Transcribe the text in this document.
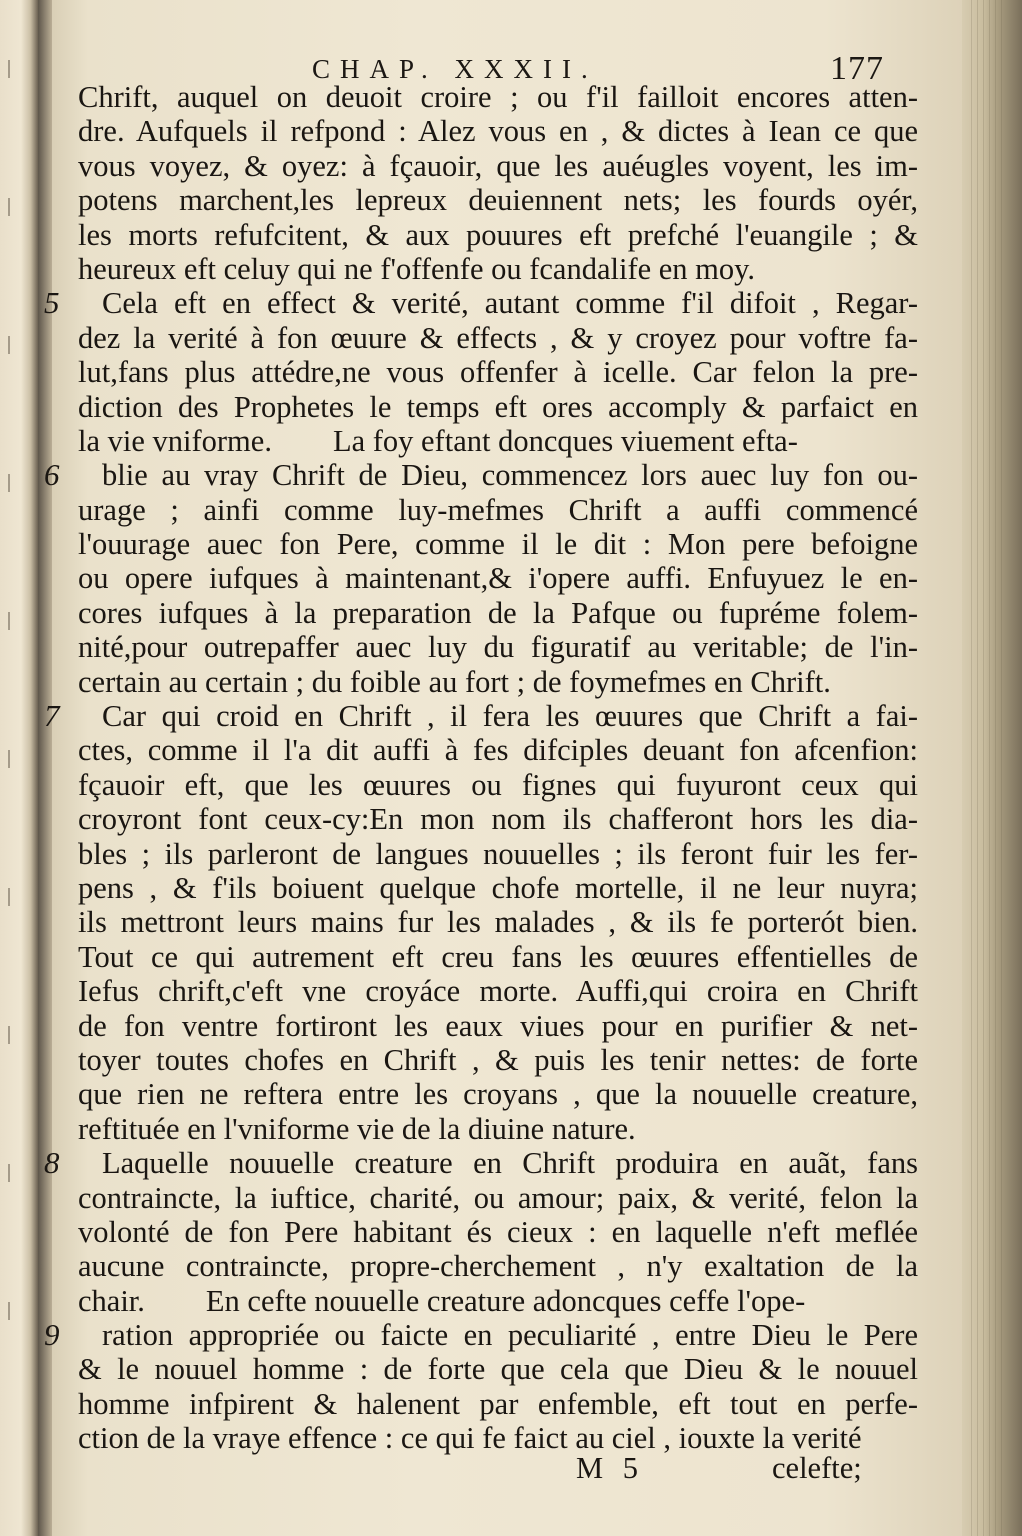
CHAP. XXXII.	177
Chrift, auquel on deuoit croire ; ou f'il failloit encores atten-
dre. Aufquels il refpond : Alez vous en , & dictes à Iean ce que
vous voyez, & oyez: à fçauoir, que les auéugles voyent, les im-
potens marchent,les lepreux deuiennent nets; les fourds oyér,
les morts refufcitent, & aux pouures eft prefché l'euangile ; &
heureux eft celuy qui ne f'offenfe ou fcandalife en moy.
5 Cela eft en effect & verité, autant comme f'il difoit , Regar-
dez la verité à fon œuure & effects , & y croyez pour voftre fa-
lut,fans plus attédre,ne vous offenfer à icelle. Car felon la pre-
diction des Prophetes le temps eft ores accomply & parfaict en
la vie vniforme.        La foy eftant doncques viuement efta-
6 blie au vray Chrift de Dieu, commencez lors auec luy fon ou-
urage ; ainfi comme luy-mefmes Chrift a auffi commencé
l'ouurage auec fon Pere, comme il le dit : Mon pere befoigne
ou opere iufques à maintenant,& i'opere auffi. Enfuyuez le en-
cores iufques à la preparation de la Pafque ou fupréme folem-
nité,pour outrepaffer auec luy du figuratif au veritable; de l'in-
certain au certain ; du foible au fort ; de foymefmes en Chrift.
7 Car qui croid en Chrift , il fera les œuures que Chrift a fai-
ctes, comme il l'a dit auffi à fes difciples deuant fon afcenfion:
fçauoir eft, que les œuures ou fignes qui fuyuront ceux qui
croyront font ceux-cy:En mon nom ils chafferont hors les dia-
bles ; ils parleront de langues nouuelles ; ils feront fuir les fer-
pens , & f'ils boiuent quelque chofe mortelle, il ne leur nuyra;
ils mettront leurs mains fur les malades , & ils fe porterót bien.
Tout ce qui autrement eft creu fans les œuures effentielles de
Iefus chrift,c'eft vne croyáce morte. Auffi,qui croira en Chrift
de fon ventre fortiront les eaux viues pour en purifier & net-
toyer toutes chofes en Chrift , & puis les tenir nettes: de forte
que rien ne reftera entre les croyans , que la nouuelle creature,
reftituée en l'vniforme vie de la diuine nature.
8 Laquelle nouuelle creature en Chrift produira en auãt, fans
contraincte, la iuftice, charité, ou amour; paix, & verité, felon la
volonté de fon Pere habitant és cieux : en laquelle n'eft meflée
aucune contraincte, propre-cherchement , n'y exaltation de la
chair.        En cefte nouuelle creature adoncques ceffe l'ope-
9 ration appropriée ou faicte en peculiarité , entre Dieu le Pere
& le nouuel homme : de forte que cela que Dieu & le nouuel
homme infpirent & halenent par enfemble, eft tout en perfe-
ction de la vraye effence : ce qui fe faict au ciel , iouxte la verité
M 5	celefte;
